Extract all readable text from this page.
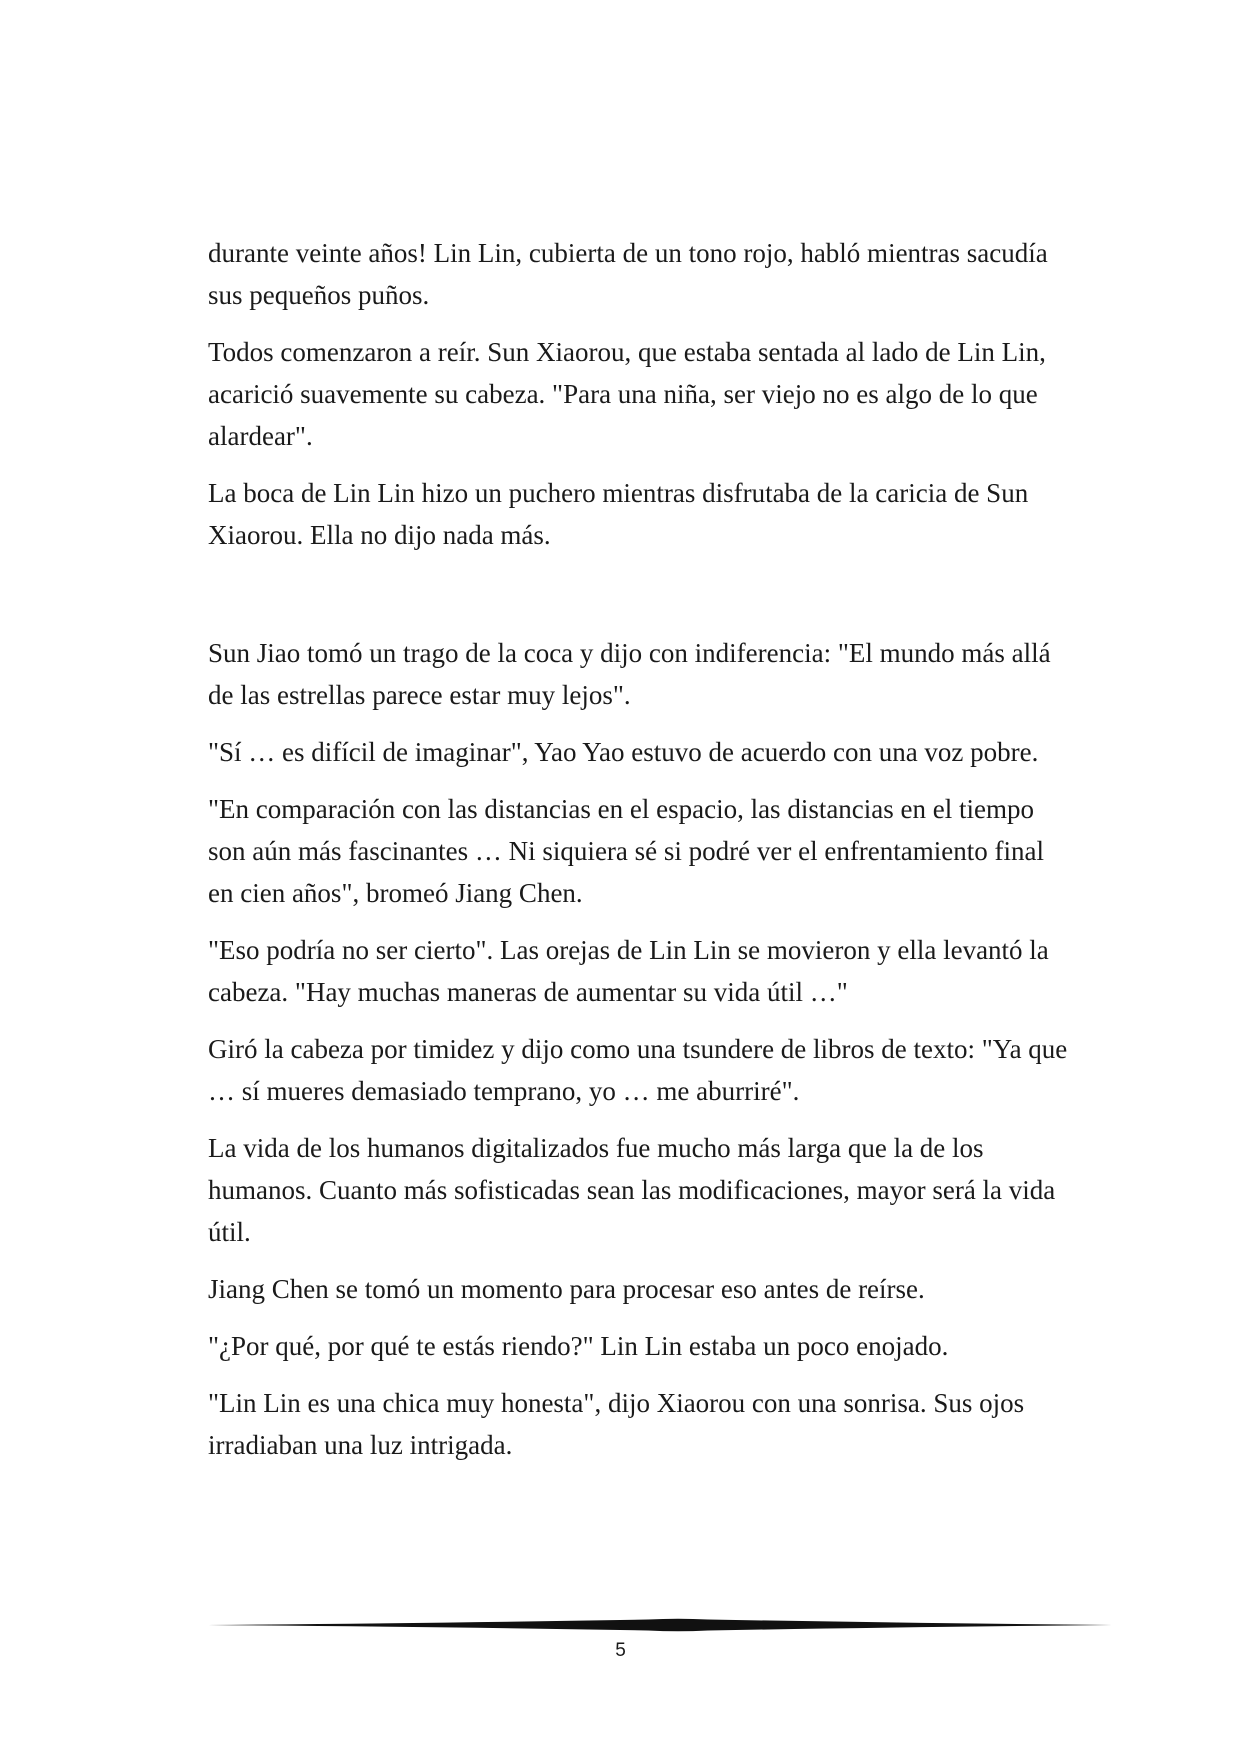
durante veinte años! Lin Lin, cubierta de un tono rojo, habló mientras sacudía sus pequeños puños.

Todos comenzaron a reír. Sun Xiaorou, que estaba sentada al lado de Lin Lin, acarició suavemente su cabeza. "Para una niña, ser viejo no es algo de lo que alardear".

La boca de Lin Lin hizo un puchero mientras disfrutaba de la caricia de Sun Xiaorou. Ella no dijo nada más.

Sun Jiao tomó un trago de la coca y dijo con indiferencia: "El mundo más allá de las estrellas parece estar muy lejos".

"Sí … es difícil de imaginar", Yao Yao estuvo de acuerdo con una voz pobre.

"En comparación con las distancias en el espacio, las distancias en el tiempo son aún más fascinantes … Ni siquiera sé si podré ver el enfrentamiento final en cien años", bromeó Jiang Chen.

"Eso podría no ser cierto". Las orejas de Lin Lin se movieron y ella levantó la cabeza. "Hay muchas maneras de aumentar su vida útil …"

Giró la cabeza por timidez y dijo como una tsundere de libros de texto: "Ya que … sí mueres demasiado temprano, yo … me aburriré".

La vida de los humanos digitalizados fue mucho más larga que la de los humanos. Cuanto más sofisticadas sean las modificaciones, mayor será la vida útil.

Jiang Chen se tomó un momento para procesar eso antes de reírse.

"¿Por qué, por qué te estás riendo?" Lin Lin estaba un poco enojado.

"Lin Lin es una chica muy honesta", dijo Xiaorou con una sonrisa. Sus ojos irradiaban una luz intrigada.

5
